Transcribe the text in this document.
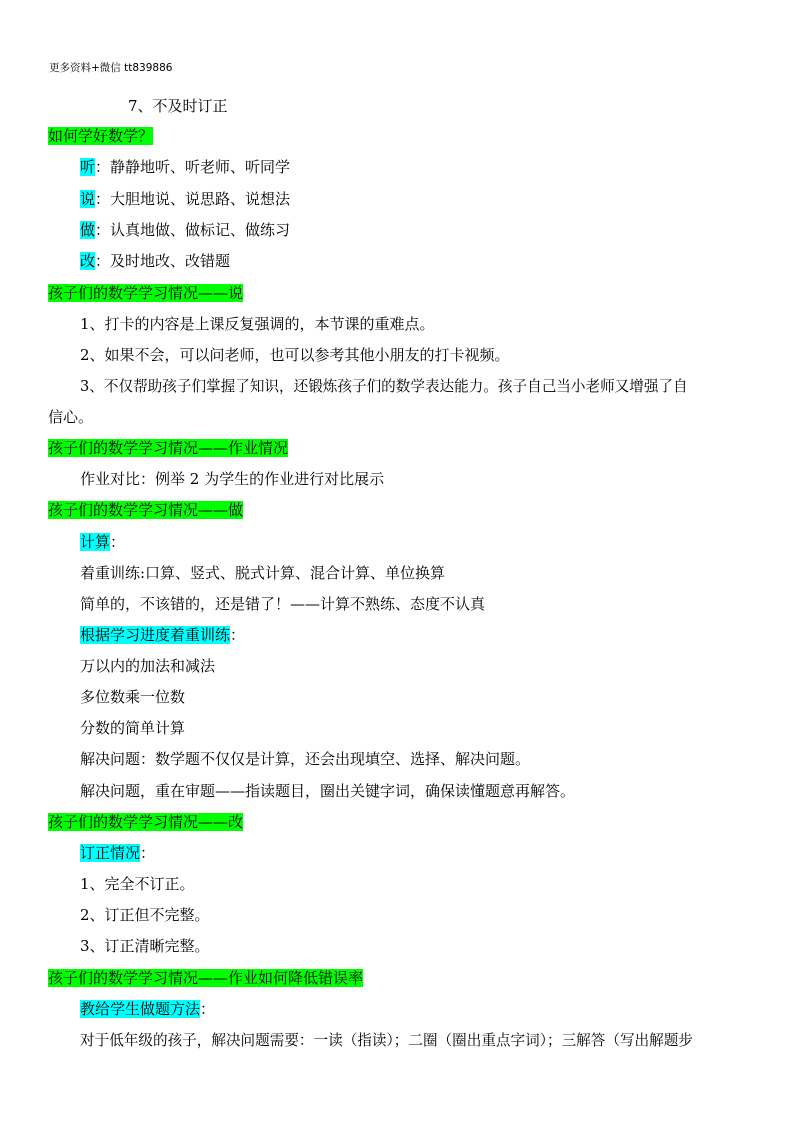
更多资料+微信 tt839886
7、不及时订正
如何学好数学？
听：静静地听、听老师、听同学
说：大胆地说、说思路、说想法
做：认真地做、做标记、做练习
改：及时地改、改错题
孩子们的数学学习情况——说
1、打卡的内容是上课反复强调的，本节课的重难点。
2、如果不会，可以问老师，也可以参考其他小朋友的打卡视频。
3、不仅帮助孩子们掌握了知识，还锻炼孩子们的数学表达能力。孩子自己当小老师又增强了自
信心。
孩子们的数学学习情况——作业情况
作业对比：例举 2 为学生的作业进行对比展示
孩子们的数学学习情况——做
计算：
着重训练:口算、竖式、脱式计算、混合计算、单位换算
简单的，不该错的，还是错了！——计算不熟练、态度不认真
根据学习进度着重训练：
万以内的加法和减法
多位数乘一位数
分数的简单计算
解决问题：数学题不仅仅是计算，还会出现填空、选择、解决问题。
解决问题，重在审题——指读题目，圈出关键字词，确保读懂题意再解答。
孩子们的数学学习情况——改
订正情况：
1、完全不订正。
2、订正但不完整。
3、订正清晰完整。
孩子们的数学学习情况——作业如何降低错误率
教给学生做题方法：
对于低年级的孩子，解决问题需要：一读（指读）；二圈（圈出重点字词）；三解答（写出解题步
